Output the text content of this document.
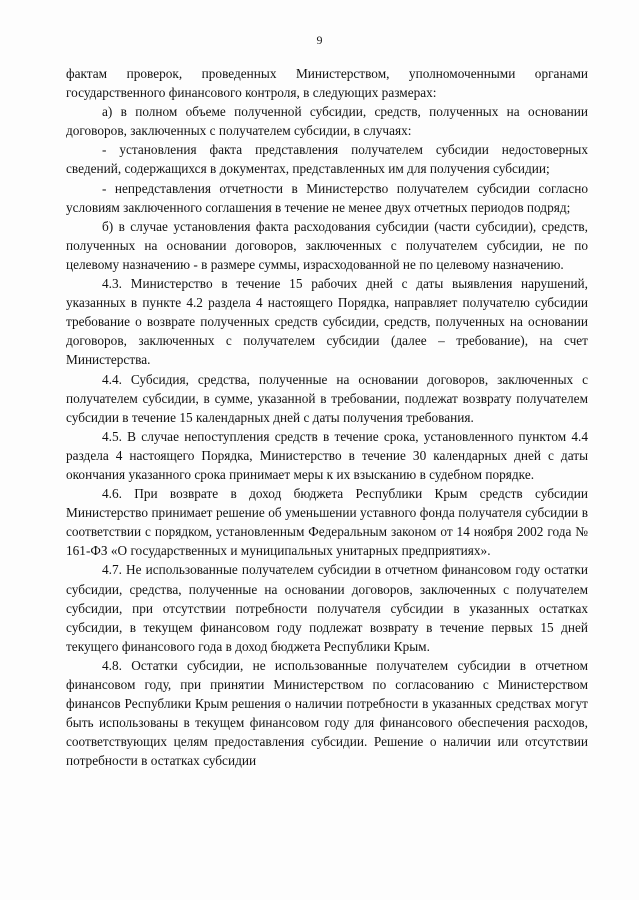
9

фактам проверок, проведенных Министерством, уполномоченными органами государственного финансового контроля, в следующих размерах:

а) в полном объеме полученной субсидии, средств, полученных на основании договоров, заключенных с получателем субсидии, в случаях:

- установления факта представления получателем субсидии недостоверных сведений, содержащихся в документах, представленных им для получения субсидии;

- непредставления отчетности в Министерство получателем субсидии согласно условиям заключенного соглашения в течение не менее двух отчетных периодов подряд;

б) в случае установления факта расходования субсидии (части субсидии), средств, полученных на основании договоров, заключенных с получателем субсидии, не по целевому назначению - в размере суммы, израсходованной не по целевому назначению.

4.3. Министерство в течение 15 рабочих дней с даты выявления нарушений, указанных в пункте 4.2 раздела 4 настоящего Порядка, направляет получателю субсидии требование о возврате полученных средств субсидии, средств, полученных на основании договоров, заключенных с получателем субсидии (далее – требование), на счет Министерства.

4.4. Субсидия, средства, полученные на основании договоров, заключенных с получателем субсидии, в сумме, указанной в требовании, подлежат возврату получателем субсидии в течение 15 календарных дней с даты получения требования.

4.5. В случае непоступления средств в течение срока, установленного пунктом 4.4 раздела 4 настоящего Порядка, Министерство в течение 30 календарных дней с даты окончания указанного срока принимает меры к их взысканию в судебном порядке.

4.6. При возврате в доход бюджета Республики Крым средств субсидии Министерство принимает решение об уменьшении уставного фонда получателя субсидии в соответствии с порядком, установленным Федеральным законом от 14 ноября 2002 года № 161-ФЗ «О государственных и муниципальных унитарных предприятиях».

4.7. Не использованные получателем субсидии в отчетном финансовом году остатки субсидии, средства, полученные на основании договоров, заключенных с получателем субсидии, при отсутствии потребности получателя субсидии в указанных остатках субсидии, в текущем финансовом году подлежат возврату в течение первых 15 дней текущего финансового года в доход бюджета Республики Крым.

4.8. Остатки субсидии, не использованные получателем субсидии в отчетном финансовом году, при принятии Министерством по согласованию с Министерством финансов Республики Крым решения о наличии потребности в указанных средствах могут быть использованы в текущем финансовом году для финансового обеспечения расходов, соответствующих целям предоставления субсидии. Решение о наличии или отсутствии потребности в остатках субсидии
